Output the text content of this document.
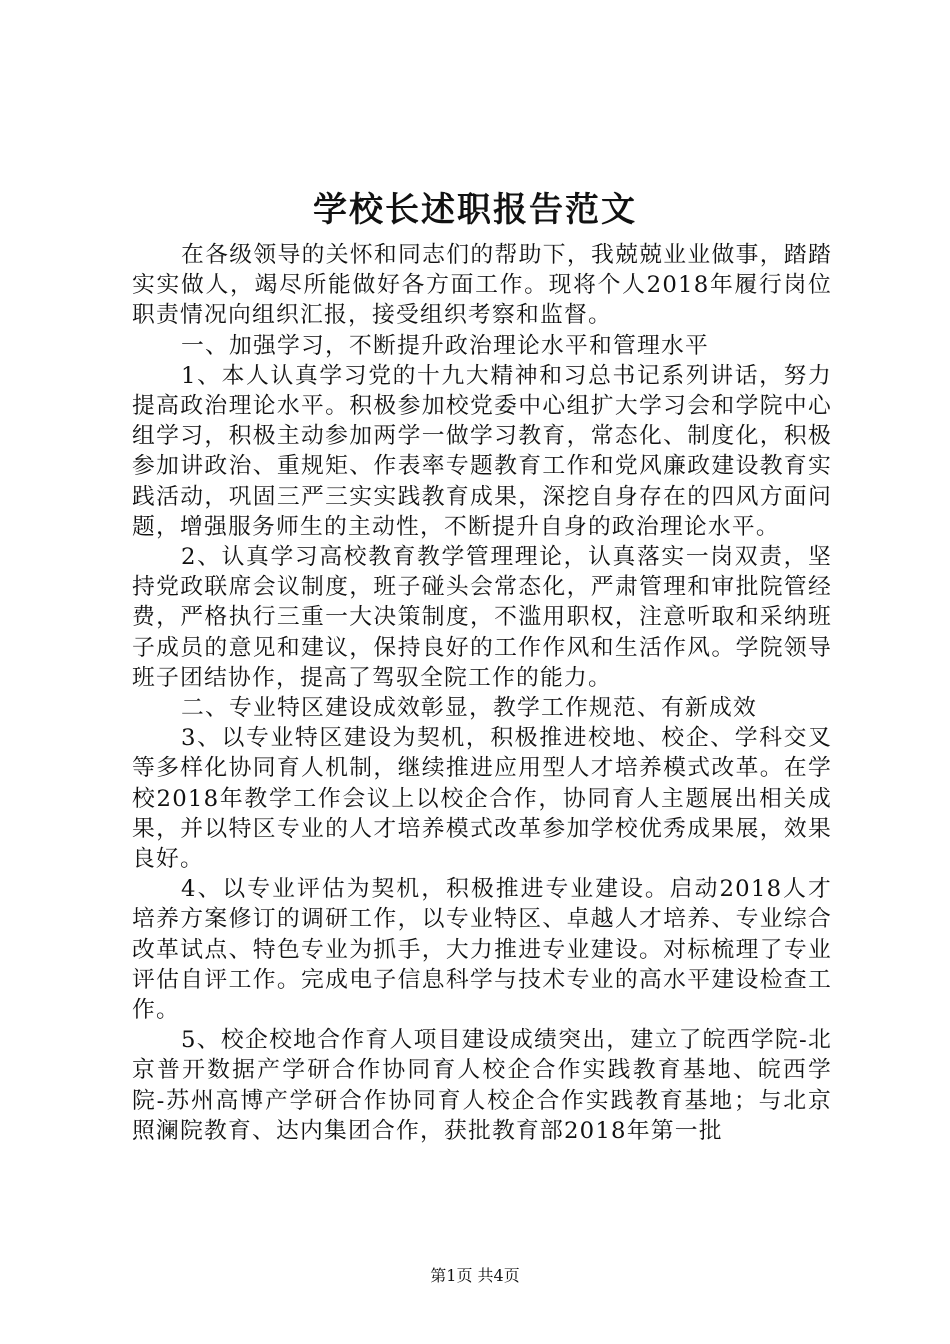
学校长述职报告范文

在各级领导的关怀和同志们的帮助下，我兢兢业业做事，踏踏实实做人，竭尽所能做好各方面工作。现将个人2018年履行岗位职责情况向组织汇报，接受组织考察和监督。

一、加强学习，不断提升政治理论水平和管理水平

1、本人认真学习党的十九大精神和习总书记系列讲话，努力提高政治理论水平。积极参加校党委中心组扩大学习会和学院中心组学习，积极主动参加两学一做学习教育，常态化、制度化，积极参加讲政治、重规矩、作表率专题教育工作和党风廉政建设教育实践活动，巩固三严三实实践教育成果，深挖自身存在的四风方面问题，增强服务师生的主动性，不断提升自身的政治理论水平。

2、认真学习高校教育教学管理理论，认真落实一岗双责，坚持党政联席会议制度，班子碰头会常态化，严肃管理和审批院管经费，严格执行三重一大决策制度，不滥用职权，注意听取和采纳班子成员的意见和建议，保持良好的工作作风和生活作风。学院领导班子团结协作，提高了驾驭全院工作的能力。

二、专业特区建设成效彰显，教学工作规范、有新成效

3、以专业特区建设为契机，积极推进校地、校企、学科交叉等多样化协同育人机制，继续推进应用型人才培养模式改革。在学校2018年教学工作会议上以校企合作，协同育人主题展出相关成果，并以特区专业的人才培养模式改革参加学校优秀成果展，效果良好。

4、以专业评估为契机，积极推进专业建设。启动2018人才培养方案修订的调研工作，以专业特区、卓越人才培养、专业综合改革试点、特色专业为抓手，大力推进专业建设。对标梳理了专业评估自评工作。完成电子信息科学与技术专业的高水平建设检查工作。

5、校企校地合作育人项目建设成绩突出，建立了皖西学院-北京普开数据产学研合作协同育人校企合作实践教育基地、皖西学院-苏州高博产学研合作协同育人校企合作实践教育基地；与北京照澜院教育、达内集团合作，获批教育部2018年第一批

第1页 共4页
